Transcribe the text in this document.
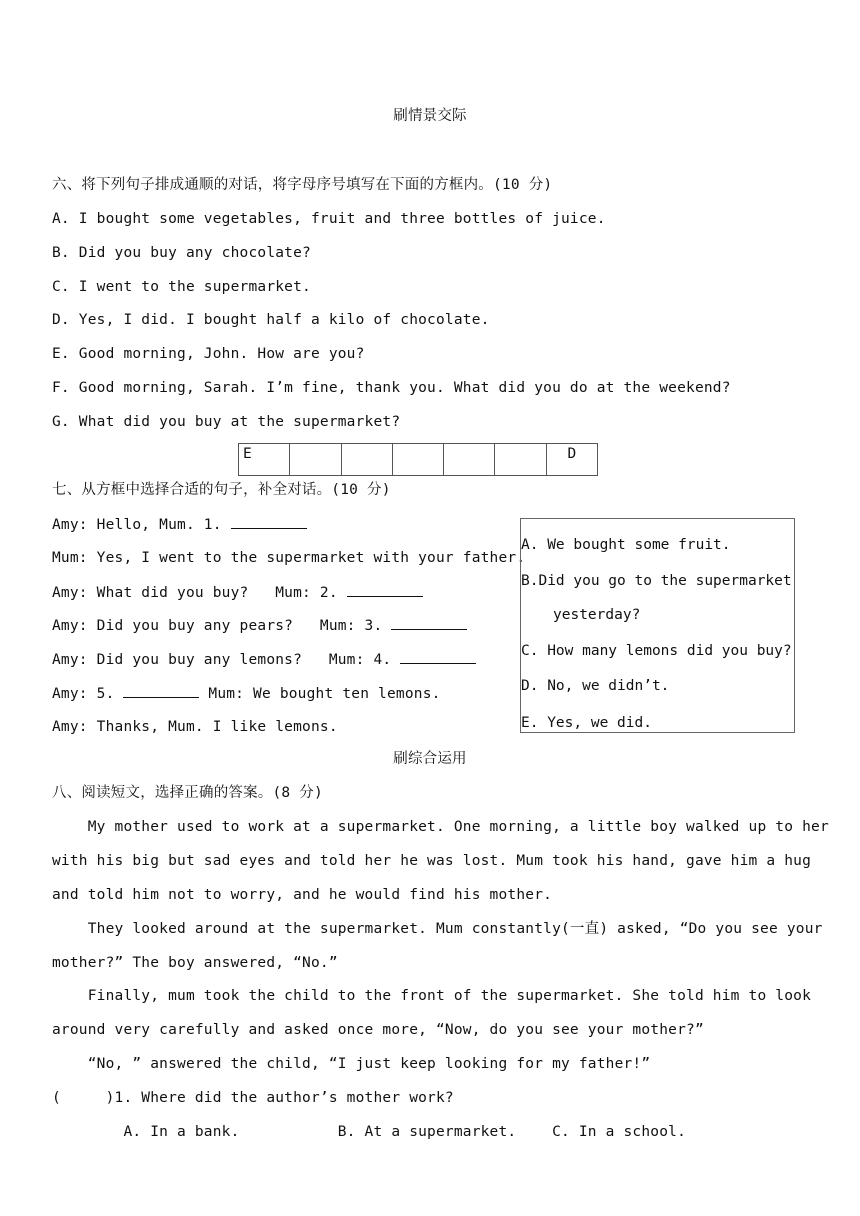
刷情景交际
六、将下列句子排成通顺的对话，将字母序号填写在下面的方框内。(10 分)
A. I bought some vegetables, fruit and three bottles of juice.
B. Did you buy any chocolate?
C. I went to the supermarket.
D. Yes, I did. I bought half a kilo of chocolate.
E. Good morning, John. How are you?
F. Good morning, Sarah. I’m fine, thank you. What did you do at the weekend?
G. What did you buy at the supermarket?
E	D
七、从方框中选择合适的句子，补全对话。(10 分)
Amy: Hello, Mum. 1.
Mum: Yes, I went to the supermarket with your father.
Amy: What did you buy?   Mum: 2.
Amy: Did you buy any pears?   Mum: 3.
Amy: Did you buy any lemons?   Mum: 4.
Amy: 5.	Mum: We bought ten lemons.
Amy: Thanks, Mum. I like lemons.
A. We bought some fruit.
B.Did you go to the supermarket
yesterday?
C. How many lemons did you buy?
D. No, we didn’t.
E. Yes, we did.
刷综合运用
八、阅读短文，选择正确的答案。(8 分)
My mother used to work at a supermarket. One morning, a little boy walked up to her
with his big but sad eyes and told her he was lost. Mum took his hand, gave him a hug
and told him not to worry, and he would find his mother.
They looked around at the supermarket. Mum constantly(一直) asked, “Do you see your
mother?” The boy answered, “No.”
Finally, mum took the child to the front of the supermarket. She told him to look
around very carefully and asked once more, “Now, do you see your mother?”
“No, ” answered the child, “I just keep looking for my father!”
(     )1. Where did the author’s mother work?
A. In a bank.           B. At a supermarket.    C. In a school.
